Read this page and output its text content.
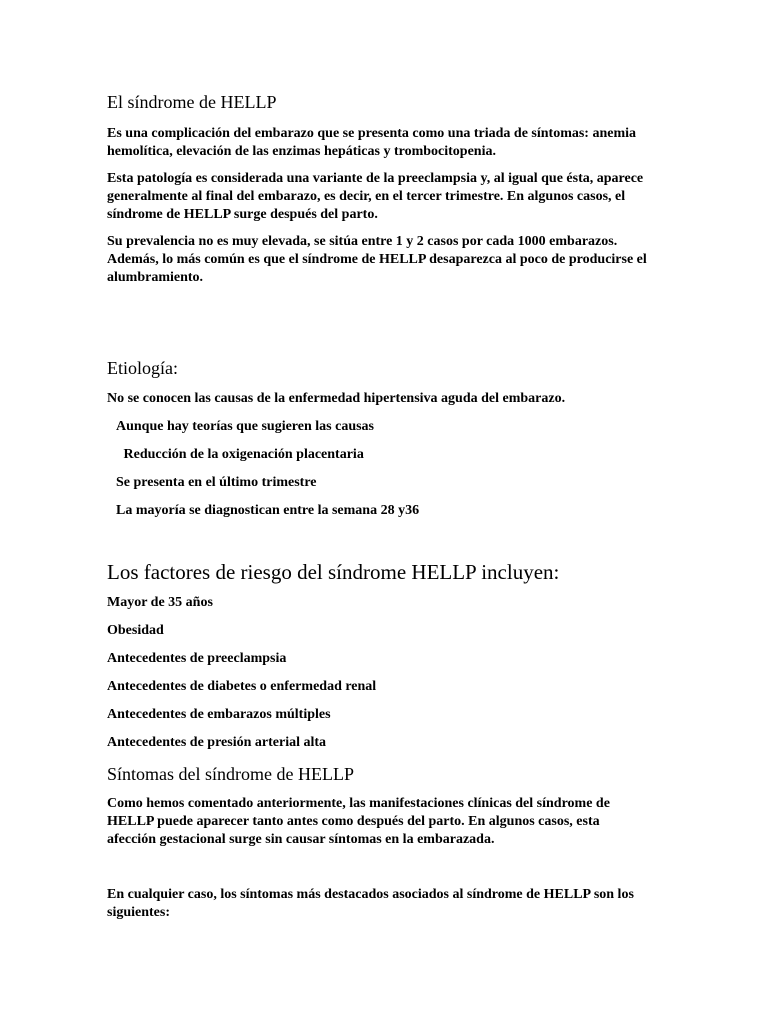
El síndrome de HELLP

Es una complicación del embarazo que se presenta como una triada de síntomas: anemia hemolítica, elevación de las enzimas hepáticas y trombocitopenia.

Esta patología es considerada una variante de la preeclampsia y, al igual que ésta, aparece generalmente al final del embarazo, es decir, en el tercer trimestre. En algunos casos, el síndrome de HELLP surge después del parto.

Su prevalencia no es muy elevada, se sitúa entre 1 y 2 casos por cada 1000 embarazos. Además, lo más común es que el síndrome de HELLP desaparezca al poco de producirse el alumbramiento.

Etiología:

No se conocen las causas de la enfermedad hipertensiva aguda del embarazo.

Aunque hay teorías que sugieren las causas

Reducción de la oxigenación placentaria

Se presenta en el último trimestre

La mayoría se diagnostican entre la semana 28 y36

Los factores de riesgo del síndrome HELLP incluyen:

Mayor de 35 años

Obesidad

Antecedentes de preeclampsia

Antecedentes de diabetes o enfermedad renal

Antecedentes de embarazos múltiples

Antecedentes de presión arterial alta

Síntomas del síndrome de HELLP

Como hemos comentado anteriormente, las manifestaciones clínicas del síndrome de HELLP puede aparecer tanto antes como después del parto. En algunos casos, esta afección gestacional surge sin causar síntomas en la embarazada.

En cualquier caso, los síntomas más destacados asociados al síndrome de HELLP son los siguientes:
